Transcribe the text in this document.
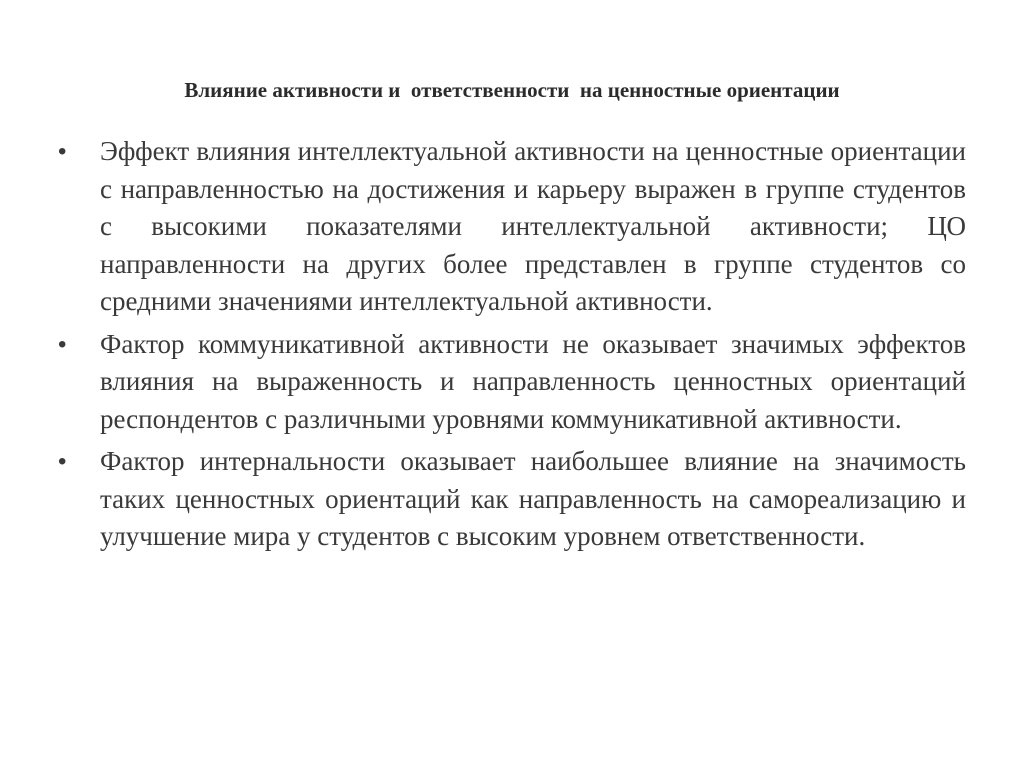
Влияние активности и  ответственности  на ценностные ориентации
•	Эффект влияния интеллектуальной активности на ценностные ориентации с направленностью на достижения и карьеру выражен в группе студентов с высокими показателями интеллектуальной активности; ЦО направленности на других более представлен в группе студентов со средними значениями интеллектуальной активности.
•	Фактор коммуникативной активности не оказывает значимых эффектов влияния на выраженность и направленность ценностных ориентаций респондентов с различными уровнями коммуникативной активности.
•	Фактор интернальности оказывает наибольшее влияние на значимость таких ценностных ориентаций как направленность на самореализацию и улучшение мира у студентов с высоким уровнем ответственности.
